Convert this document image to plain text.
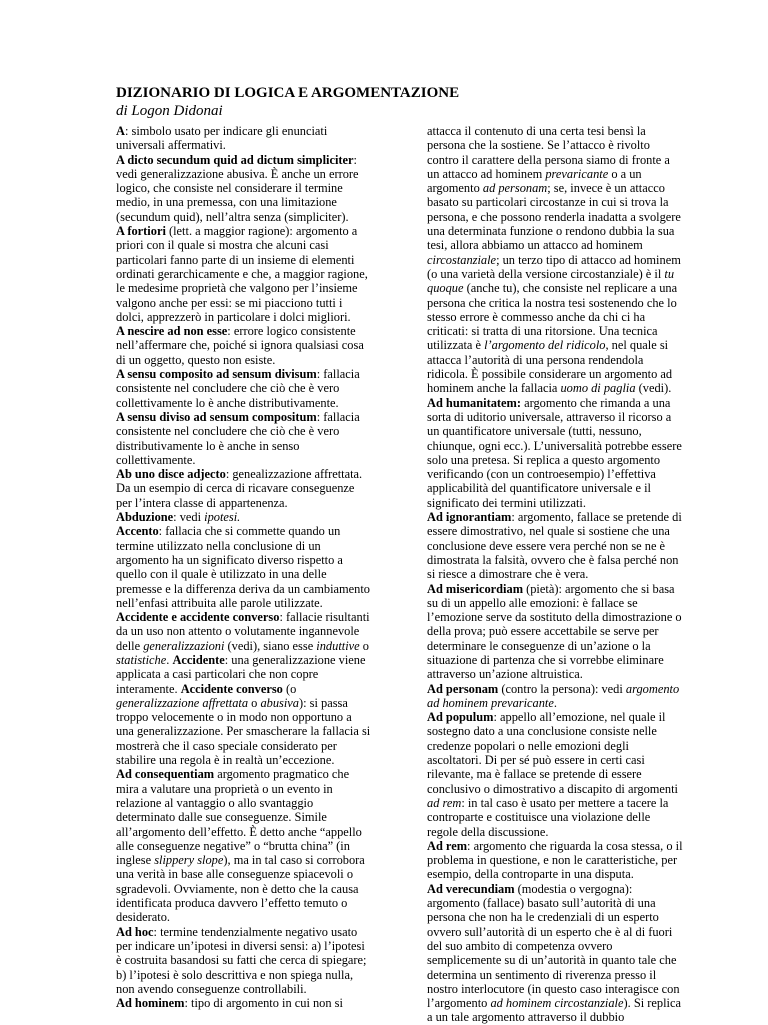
DIZIONARIO DI LOGICA E ARGOMENTAZIONE

di Logon Didonai

A: simbolo usato per indicare gli enunciati universali affermativi.

A dicto secundum quid ad dictum simpliciter: vedi generalizzazione abusiva. È anche un errore logico, che consiste nel considerare il termine medio, in una premessa, con una limitazione (secundum quid), nell’altra senza (simpliciter).

A fortiori (lett. a maggior ragione): argomento a priori con il quale si mostra che alcuni casi particolari fanno parte di un insieme di elementi ordinati gerarchicamente e che, a maggior ragione, le medesime proprietà che valgono per l’insieme valgono anche per essi: se mi piacciono tutti i dolci, apprezzerò in particolare i dolci migliori.

A nescire ad non esse: errore logico consistente nell’affermare che, poiché si ignora qualsiasi cosa di un oggetto, questo non esiste.

A sensu composito ad sensum divisum: fallacia consistente nel concludere che ciò che è vero collettivamente lo è anche distributivamente.

A sensu diviso ad sensum compositum: fallacia consistente nel concludere che ciò che è vero distributivamente lo è anche in senso collettivamente.

Ab uno disce adjecto: genealizzazione affrettata. Da un esempio di cerca di ricavare conseguenze per l’intera classe di appartenenza.

Abduzione: vedi ipotesi.

Accento: fallacia che si commette quando un termine utilizzato nella conclusione di un argomento ha un significato diverso rispetto a quello con il quale è utilizzato in una delle premesse e la differenza deriva da un cambiamento nell’enfasi attribuita alle parole utilizzate.

Accidente e accidente converso: fallacie risultanti da un uso non attento o volutamente ingannevole delle generalizzazioni (vedi), siano esse induttive o statistiche. Accidente: una generalizzazione viene applicata a casi particolari che non copre interamente. Accidente converso (o generalizzazione affrettata o abusiva): si passa troppo velocemente o in modo non opportuno a una generalizzazione. Per smascherare la fallacia si mostrerà che il caso speciale considerato per stabilire una regola è in realtà un’eccezione.

Ad consequentiam argomento pragmatico che mira a valutare una proprietà o un evento in relazione al vantaggio o allo svantaggio determinato dalle sue conseguenze. Simile all’argomento dell’effetto. È detto anche “appello alle conseguenze negative” o “brutta china” (in inglese slippery slope), ma in tal caso si corrobora una verità in base alle conseguenze spiacevoli o sgradevoli. Ovviamente, non è detto che la causa identificata produca davvero l’effetto temuto o desiderato.

Ad hoc: termine tendenzialmente negativo usato per indicare un’ipotesi in diversi sensi: a) l’ipotesi è costruita basandosi su fatti che cerca di spiegare; b) l’ipotesi è solo descrittiva e non spiega nulla, non avendo conseguenze controllabili.

Ad hominem: tipo di argomento in cui non si

attacca il contenuto di una certa tesi bensì la persona che la sostiene. Se l’attacco è rivolto contro il carattere della persona siamo di fronte a un attacco ad hominem prevaricante o a un argomento ad personam; se, invece è un attacco basato su particolari circostanze in cui si trova la persona, e che possono renderla inadatta a svolgere una determinata funzione o rendono dubbia la sua tesi, allora abbiamo un attacco ad hominem circostanziale; un terzo tipo di attacco ad hominem (o una varietà della versione circostanziale) è il tu quoque (anche tu), che consiste nel replicare a una persona che critica la nostra tesi sostenendo che lo stesso errore è commesso anche da chi ci ha criticati: si tratta di una ritorsione. Una tecnica utilizzata è l’argomento del ridicolo, nel quale si attacca l’autorità di una persona rendendola ridicola. È possibile considerare un argomento ad hominem anche la fallacia uomo di paglia (vedi).

Ad humanitatem: argomento che rimanda a una sorta di uditorio universale, attraverso il ricorso a un quantificatore universale (tutti, nessuno, chiunque, ogni ecc.). L’universalità potrebbe essere solo una pretesa. Si replica a questo argomento verificando (con un controesempio) l’effettiva applicabilità del quantificatore universale e il significato dei termini utilizzati.

Ad ignorantiam: argomento, fallace se pretende di essere dimostrativo, nel quale si sostiene che una conclusione deve essere vera perché non se ne è dimostrata la falsità, ovvero che è falsa perché non si riesce a dimostrare che è vera.

Ad misericordiam (pietà): argomento che si basa su di un appello alle emozioni: è fallace se l’emozione serve da sostituto della dimostrazione o della prova; può essere accettabile se serve per determinare le conseguenze di un’azione o la situazione di partenza che si vorrebbe eliminare attraverso un’azione altruistica.

Ad personam (contro la persona): vedi argomento ad hominem prevaricante.

Ad populum: appello all’emozione, nel quale il sostegno dato a una conclusione consiste nelle credenze popolari o nelle emozioni degli ascoltatori. Di per sé può essere in certi casi rilevante, ma è fallace se pretende di essere conclusivo o dimostrativo a discapito di argomenti ad rem: in tal caso è usato per mettere a tacere la controparte e costituisce una violazione delle regole della discussione.

Ad rem: argomento che riguarda la cosa stessa, o il problema in questione, e non le caratteristiche, per esempio, della controparte in una disputa.

Ad verecundiam (modestia o vergogna): argomento (fallace) basato sull’autorità di una persona che non ha le credenziali di un esperto ovvero sull’autorità di un esperto che è al di fuori del suo ambito di competenza ovvero semplicemente su di un’autorità in quanto tale che determina un sentimento di riverenza presso il nostro interlocutore (in questo caso interagisce con l’argomento ad hominem circostanziale). Si replica a un tale argomento attraverso il dubbio
